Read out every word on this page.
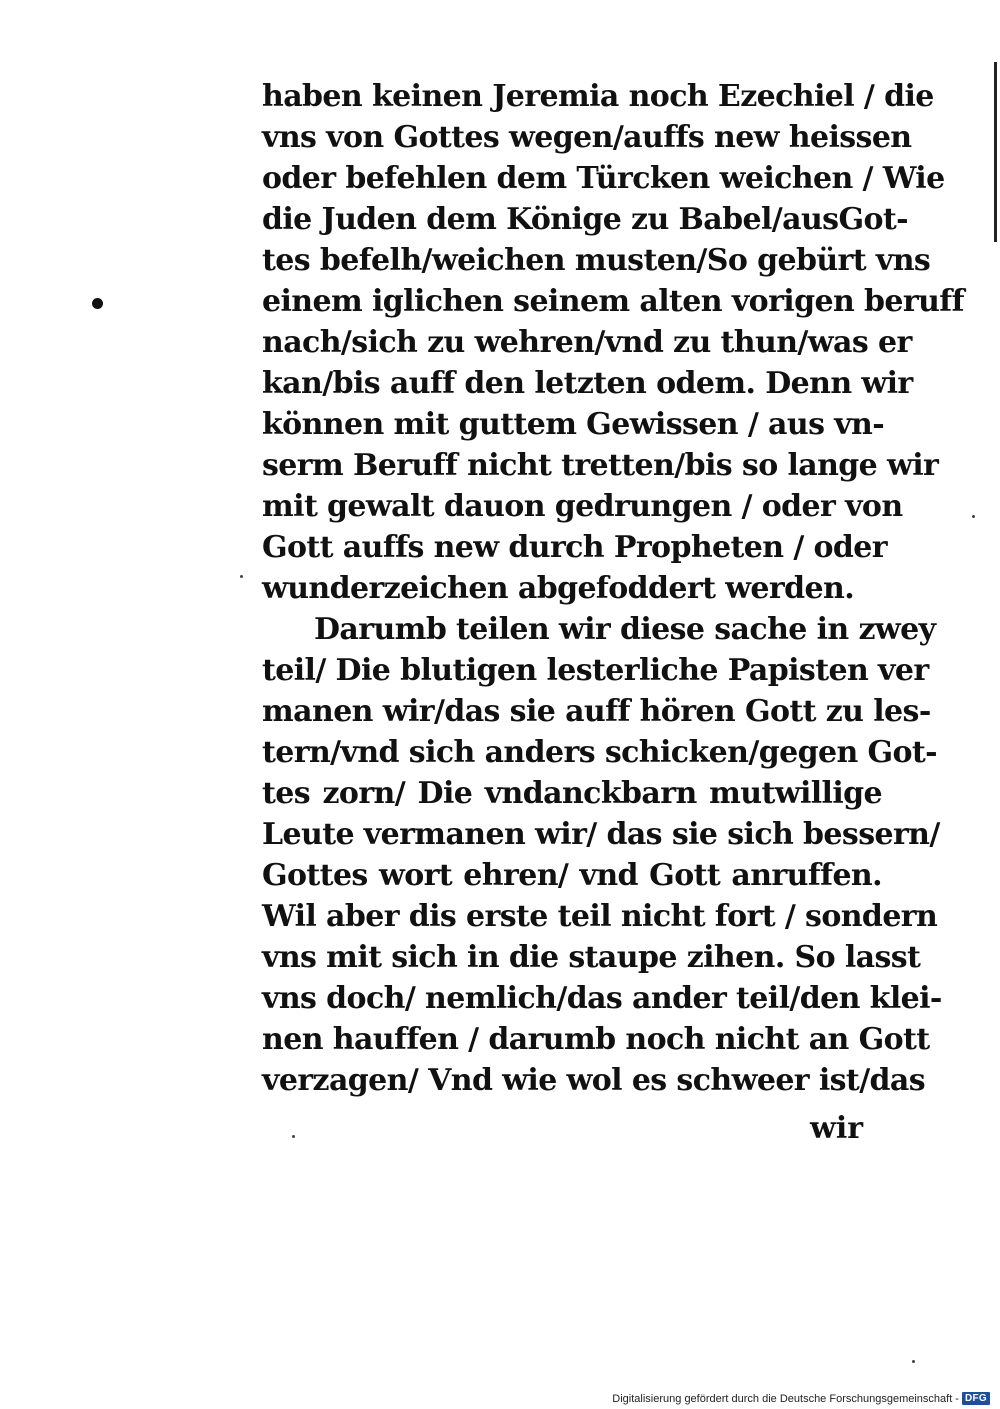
haben keinen Jeremia noch Ezechiel / die
vns von Gottes wegen/auffs new heissen
oder befehlen dem Türcken weichen / Wie
die Juden dem Könige zu Babel/ausGot-
tes befelh/weichen musten/So gebürt vns
einem iglichen seinem alten vorigen beruff
nach/sich zu wehren/vnd zu thun/was er
kan/bis auff den letzten odem. Denn wir
können mit guttem Gewissen / aus vn-
serm Beruff nicht tretten/bis so lange wir
mit gewalt dauon gedrungen / oder von
Gott auffs new durch Propheten / oder
wunderzeichen abgefoddert werden.
Darumb teilen wir diese sache in zwey
teil/ Die blutigen lesterliche Papisten ver
manen wir/das sie auff hören Gott zu les-
tern/vnd sich anders schicken/gegen Got-
tes zorn/ Die vndanckbarn mutwillige
Leute vermanen wir/ das sie sich bessern/
Gottes wort ehren/ vnd Gott anruffen.
Wil aber dis erste teil nicht fort / sondern
vns mit sich in die staupe zihen. So lasst
vns doch/ nemlich/das ander teil/den klei-
nen hauffen / darumb noch nicht an Gott
verzagen/ Vnd wie wol es schweer ist/das
wir
Digitalisierung gefördert durch die Deutsche Forschungsgemeinschaft - DFG
